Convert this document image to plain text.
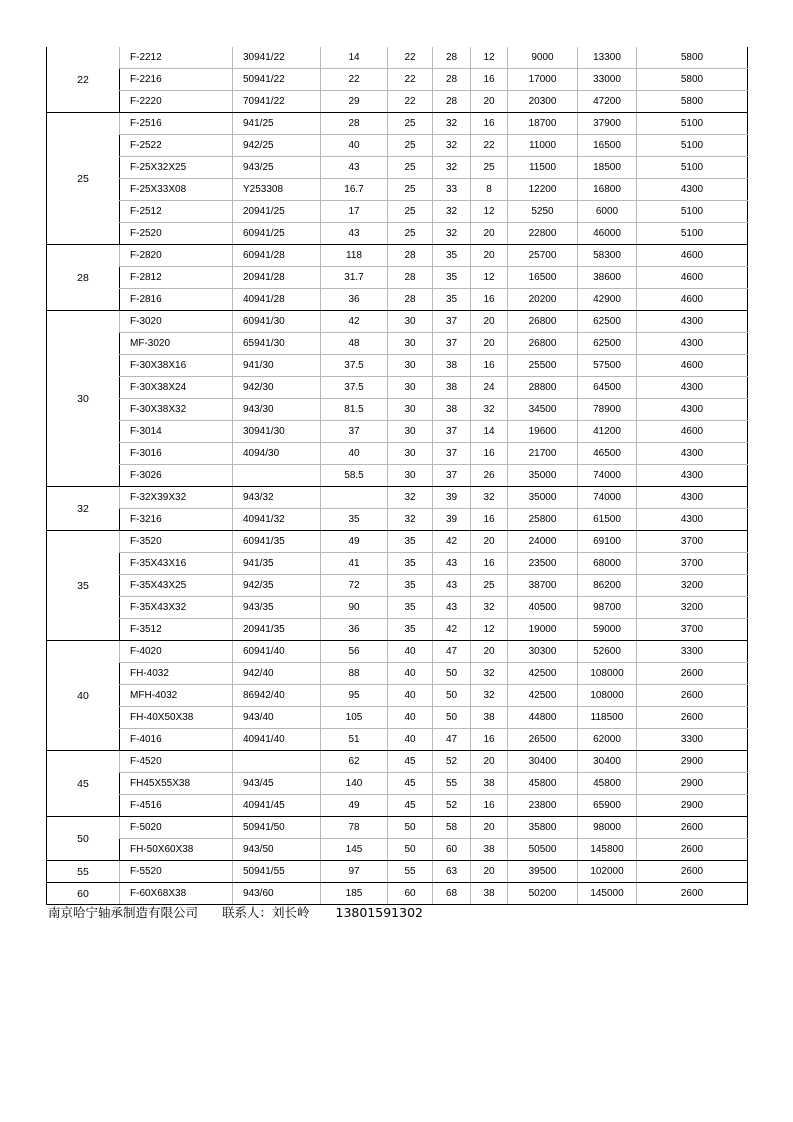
22	F-2212	30941/22	14	22	28	12	9000	13300	5800
	F-2216	50941/22	22	22	28	16	17000	33000	5800
	F-2220	70941/22	29	22	28	20	20300	47200	5800
25	F-2516	941/25	28	25	32	16	18700	37900	5100
	F-2522	942/25	40	25	32	22	11000	16500	5100
	F-25X32X25	943/25	43	25	32	25	11500	18500	5100
	F-25X33X08	Y253308	16.7	25	33	8	12200	16800	4300
	F-2512	20941/25	17	25	32	12	5250	6000	5100
	F-2520	60941/25	43	25	32	20	22800	46000	5100
28	F-2820	60941/28	118	28	35	20	25700	58300	4600
	F-2812	20941/28	31.7	28	35	12	16500	38600	4600
	F-2816	40941/28	36	28	35	16	20200	42900	4600
30	F-3020	60941/30	42	30	37	20	26800	62500	4300
	MF-3020	65941/30	48	30	37	20	26800	62500	4300
	F-30X38X16	941/30	37.5	30	38	16	25500	57500	4600
	F-30X38X24	942/30	37.5	30	38	24	28800	64500	4300
	F-30X38X32	943/30	81.5	30	38	32	34500	78900	4300
	F-3014	30941/30	37	30	37	14	19600	41200	4600
	F-3016	4094/30	40	30	37	16	21700	46500	4300
	F-3026		58.5	30	37	26	35000	74000	4300
32	F-32X39X32	943/32		32	39	32	35000	74000	4300
	F-3216	40941/32	35	32	39	16	25800	61500	4300
35	F-3520	60941/35	49	35	42	20	24000	69100	3700
	F-35X43X16	941/35	41	35	43	16	23500	68000	3700
	F-35X43X25	942/35	72	35	43	25	38700	86200	3200
	F-35X43X32	943/35	90	35	43	32	40500	98700	3200
	F-3512	20941/35	36	35	42	12	19000	59000	3700
40	F-4020	60941/40	56	40	47	20	30300	52600	3300
	FH-4032	942/40	88	40	50	32	42500	108000	2600
	MFH-4032	86942/40	95	40	50	32	42500	108000	2600
	FH-40X50X38	943/40	105	40	50	38	44800	118500	2600
	F-4016	40941/40	51	40	47	16	26500	62000	3300
45	F-4520		62	45	52	20	30400	30400	2900
	FH45X55X38	943/45	140	45	55	38	45800	45800	2900
	F-4516	40941/45	49	45	52	16	23800	65900	2900
50	F-5020	50941/50	78	50	58	20	35800	98000	2600
	FH-50X60X38	943/50	145	50	60	38	50500	145800	2600
55	F-5520	50941/55	97	55	63	20	39500	102000	2600
60	F-60X68X38	943/60	185	60	68	38	50200	145000	2600
南京哈宁轴承制造有限公司 联系人：刘长岭 13801591302
